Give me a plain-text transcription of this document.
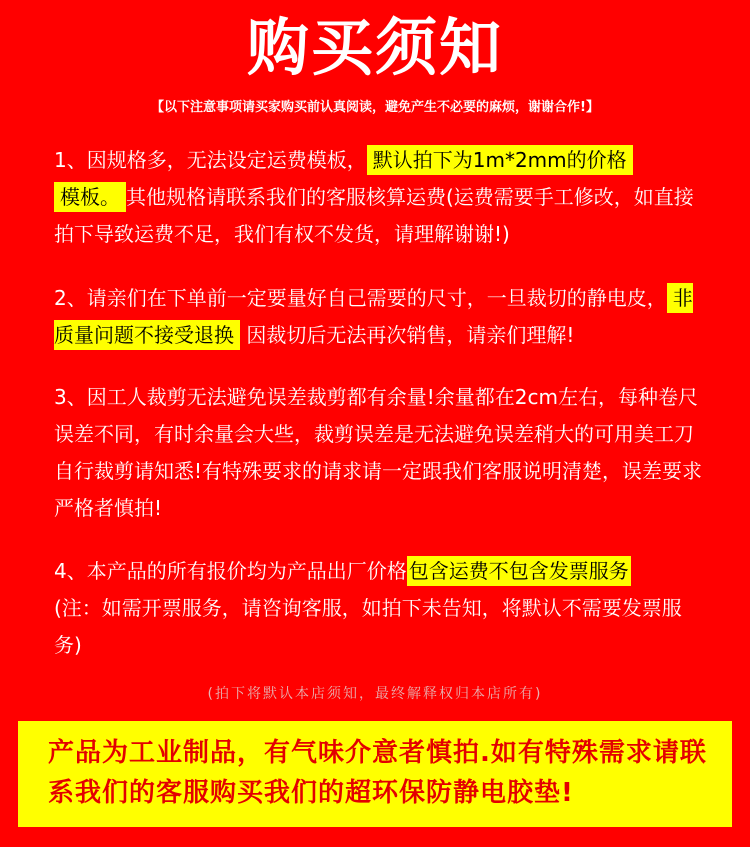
购买须知
【以下注意事项请买家购买前认真阅读，避免产生不必要的麻烦，谢谢合作!】

1、因规格多，无法设定运费模板， 默认拍下为1m*2mm的价格
模板。 其他规格请联系我们的客服核算运费(运费需要手工修改，如直接拍下导致运费不足，我们有权不发货，请理解谢谢!)

2、请亲们在下单前一定要量好自己需要的尺寸，一旦裁切的静电皮， 非质量问题不接受退换 因裁切后无法再次销售，请亲们理解!

3、因工人裁剪无法避免误差裁剪都有余量!余量都在2cm左右，每种卷尺误差不同，有时余量会大些，裁剪误差是无法避免误差稍大的可用美工刀自行裁剪请知悉!有特殊要求的请求请一定跟我们客服说明清楚，误差要求严格者慎拍!

4、本产品的所有报价均为产品出厂价格 包含运费不包含发票服务
(注：如需开票服务，请咨询客服，如拍下未告知，将默认不需要发票服务)

(拍下将默认本店须知，最终解释权归本店所有)
产品为工业制品，有气味介意者慎拍.如有特殊需求请联系我们的客服购买我们的超环保防静电胶垫!
